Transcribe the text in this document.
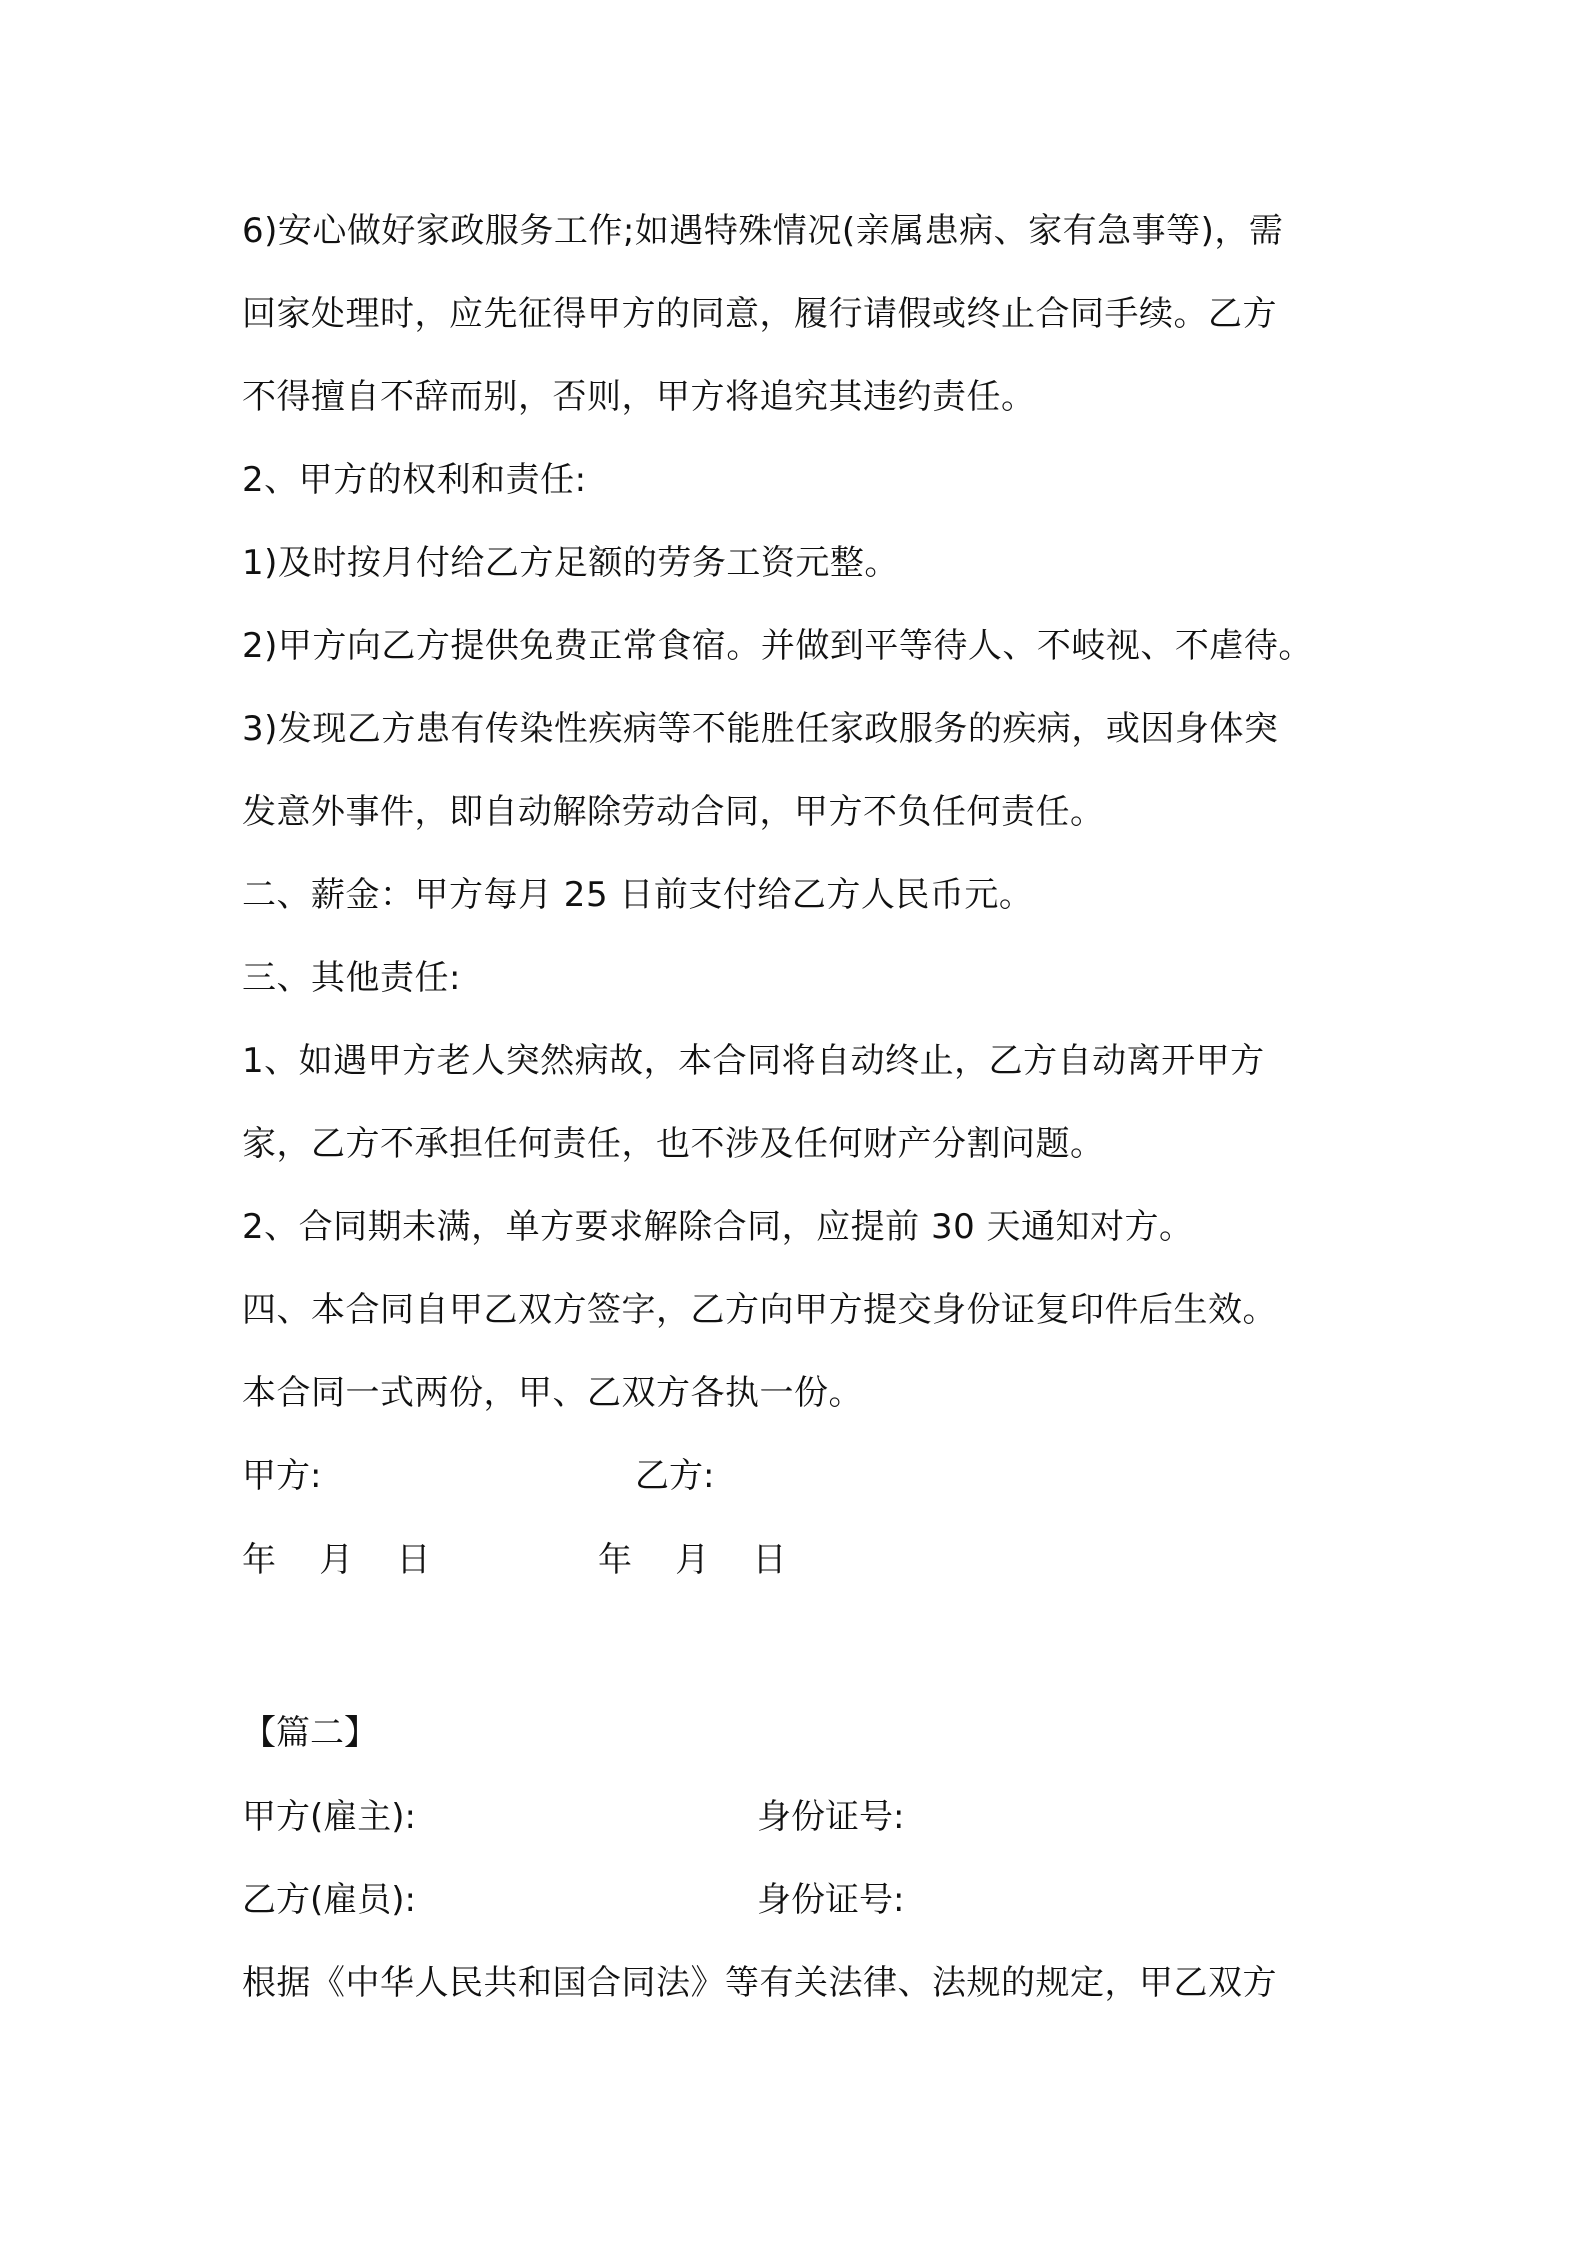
6)安心做好家政服务工作;如遇特殊情况(亲属患病、家有急事等)，需
回家处理时，应先征得甲方的同意，履行请假或终止合同手续。乙方
不得擅自不辞而别，否则，甲方将追究其违约责任。
2、甲方的权利和责任:
1)及时按月付给乙方足额的劳务工资元整。
2)甲方向乙方提供免费正常食宿。并做到平等待人、不岐视、不虐待。
3)发现乙方患有传染性疾病等不能胜任家政服务的疾病，或因身体突
发意外事件，即自动解除劳动合同，甲方不负任何责任。
二、薪金：甲方每月 25 日前支付给乙方人民币元。
三、其他责任:
1、如遇甲方老人突然病故，本合同将自动终止，乙方自动离开甲方
家，乙方不承担任何责任，也不涉及任何财产分割问题。
2、合同期未满，单方要求解除合同，应提前 30 天通知对方。
四、本合同自甲乙双方签字，乙方向甲方提交身份证复印件后生效。
本合同一式两份，甲、乙双方各执一份。
甲方:	乙方:
年    月    日	年    月    日
【篇二】
甲方(雇主):	身份证号:
乙方(雇员):	身份证号:
根据《中华人民共和国合同法》等有关法律、法规的规定，甲乙双方
